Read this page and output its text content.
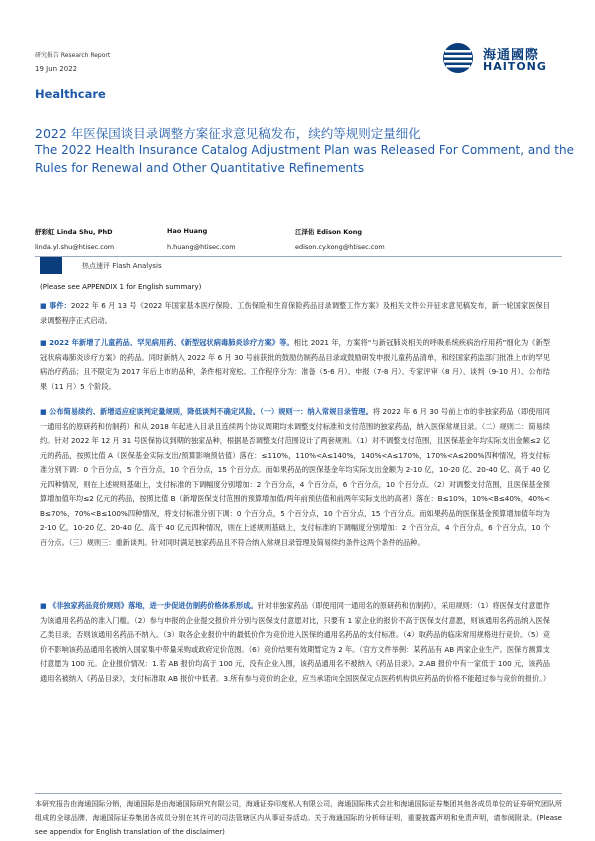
研究报告 Research Report
19 Jun 2022
海通國際
HAITONG
Healthcare
2022 年医保国谈目录调整方案征求意见稿发布，续约等规则定量细化
The 2022 Health Insurance Catalog Adjustment Plan was Released For Comment, and the Rules for Renewal and Other Quantitative Refinements
舒彩虹 Linda Shu, PhD
linda.yl.shu@htisec.com
Hao Huang
h.huang@htisec.com
江泽佑 Edison Kong
edison.cy.kong@htisec.com
热点速评 Flash Analysis
(Please see APPENDIX 1 for English summary)
■ 事件：2022 年 6 月 13 号《2022 年国家基本医疗保险、工伤保险和生育保险药品目录调整工作方案》及相关文件公开征求意见稿发布，新一轮国家医保目录调整程序正式启动。
■ 2022 年新增了儿童药品、罕见病用药、《新型冠状病毒肺炎诊疗方案》等。相比 2021 年，方案将“与新冠肺炎相关的呼吸系统疾病治疗用药”细化为《新型冠状病毒肺炎诊疗方案》的药品。同时新纳入 2022 年 6 月 30 号前获批的鼓励仿制药品目录或鼓励研发申报儿童药品清单，和经国家药监部门批准上市的罕见病治疗药品；且不限定为 2017 年后上市的品种，条件相对宽松。工作程序分为：准备（5-6 月）、申报（7-8 月）、专家评审（8 月）、谈判（9-10 月）、公布结果（11 月）5 个阶段。
■ 公布简易续约、新增适应症谈判定量规则，降低谈判不确定风险。（一）规则一：纳入常规目录管理。将 2022 年 6 月 30 号前上市的非独家药品（即使用同一通用名的原研药和仿制药）和从 2018 年起进入目录且连续两个协议周期均未调整支付标准和支付范围的独家药品，纳入医保常规目录。（二）规则二：简易续约。针对 2022 年 12 月 31 号医保协议到期的独家品种，根据是否调整支付范围设计了两套规则。（1）对不调整支付范围，且医保基金年均实际支出金额≤2 亿元的药品，按照比值 A（医保基金实际支出/预算影响预估值）落在：≤110%，110%<A≤140%，140%<A≤170%，170%<A≤200%四种情况，将支付标准分别下调：0 个百分点，5 个百分点，10 个百分点，15 个百分点。而如果药品的医保基金年均实际支出金额为 2-10 亿，10-20 亿、20-40 亿、高于 40 亿元四种情况，则在上述规则基础上，支付标准的下调幅度分别增加：2 个百分点，4 个百分点，6 个百分点，10 个百分点。（2）对调整支付范围，且医保基金预算增加值年均≤2 亿元的药品，按照比值 B（新增医保支付范围的预算增加值/两年前预估值和前两年实际支出的高者）落在：B≤10%，10%<B≤40%，40%< B≤70%，70%<B≤100%四种情况，将支付标准分别下调：0 个百分点，5 个百分点，10 个百分点，15 个百分点。而如果药品的医保基金预算增加值年均为 2-10 亿，10-20 亿、20-40 亿、高于 40 亿元四种情况，则在上述规则基础上，支付标准的下调幅度分别增加：2 个百分点，4 个百分点，6 个百分点，10 个百分点。（三）规则三：重新谈判。针对同时满足独家药品且不符合纳入常规目录管理及简易续约条件这两个条件的品种。
■ 《非独家药品竞价规则》落地，进一步促进仿制药价格体系形成。针对非独家药品（即使用同一通用名的原研药和仿制药），采用规则：（1）将医保支付意愿作为该通用名药品的准入门槛。（2）参与申报的企业提交报价并分别与医保支付意愿对比，只要有 1 家企业的报价不高于医保支付意愿，则该通用名药品纳入医保乙类目录，否则该通用名药品不纳入。（3）取各企业报价中的最低价作为竞价进入医保的通用名药品的支付标准。（4）取药品的临床常用规格进行竞价。（5）竞价不影响该药品通用名被纳入国家集中带量采购或政府定价范围。（6）竞价结果有效期暂定为 2 年。（官方文件举例：某药品有 AB 两家企业生产。医保方测算支付意愿为 100 元。企业报价情况：1.若 AB 报价均高于 100 元，没有企业入围，该药品通用名不被纳入《药品目录》。2.AB 报价中有一家低于 100 元，该药品通用名被纳入《药品目录》，支付标准取 AB 报价中低者。3.所有参与竞价的企业，应当承诺向全国医保定点医药机构供应药品的价格不能超过参与竞价的报价。）
本研究报告由海通国际分销，海通国际是由海通国际研究有限公司，海通证券印度私人有限公司，海通国际株式会社和海通国际证券集团其他各成员单位的证券研究团队所组成的全球品牌，海通国际证券集团各成员分别在其许可的司法管辖区内从事证券活动。关于海通国际的分析师证明，重要披露声明和免责声明，请参阅附录。(Please see appendix for English translation of the disclaimer)
